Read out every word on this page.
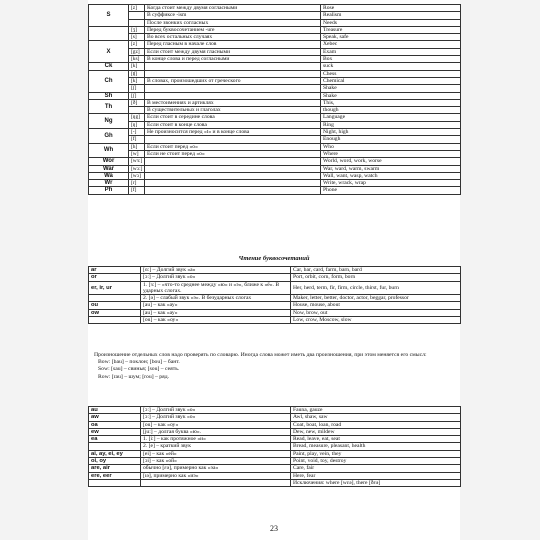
S	[z]	Когда стоит между двумя согласными	Rose
		В суффиксе -ism	Realism
		После звонких согласных	Needs
	[ʒ]	Перед буквосочетанием -ure	Treasure
	[s]	Во всех остальных случаях	Speak, safe
X	[z]	Перед гласным в начале слов	Xebec
	[gz]	Если стоит между двумя гласными	Exam
	[ks]	В конце слова и перед согласными	Box
Ck	[k]		suck
Ch	[ʧ]		Chess
	[k]	В словах, произошедших от греческого	Chemical
	[ʃ]		Shake
Sh	[ʃ]		Shake
Th	[ð]	В местоимениях и артиклях	This,
		В существительных и глаголах	though
Ng	[ŋg]	Если стоит в середине слова	Language
	[ŋ]	Если стоит в конце слова	Ring
Gh	[-]	Не произносится перед «t» и в конце слова	Night, high
	[f]		Enough
Wh	[h]	Если стоит перед «o»	Who
	[w]	Если не стоит перед «o»	Where
Wor	[wɜ:]		World, word, work, worse
War	[wɔ:]		War, ward, warm, swarm
Wa	[wɔ]		Wall, want, wasp, watch
Wr	[r]		Write, wrack, wrap
Ph	[f]		Phone
Чтение буквосочетаний
ar	[ɑ:] – Долгий звук «а»	Car, bar, card, farm, barn, bard
or	[ɔ:] – Долгий звук «о»	Port, orbit, corn, form, born
er, ir, ur	1. [ɜ:] – «что-то среднее между «ю» и «э», ближе к «ё». В ударных слогах.	Her, herd, term, fir, firm, circle, thirst, fur, burn
	2. [ə] – слабый звук «э». В безударных слогах	Maker, letter, better, doctor, actor, beggar, professor
ou	[au] – как «ау»	House, mouse, about
ow	[au] – как «ау»	Now, brow, out
	[ou] – как «оу»	Low, crow, Moscow, slow
Произношение отдельных слов надо проверять по словарю. Иногда слова может иметь два произношения, при этом меняется его смысл:
Bow: [bau] – поклон; [bou] – бант.
Sow: [sau] – свинья; [sou] – сеять.
Row: [rau] – шум; [rou] – ряд.
au	[ɔ:] – Долгий звук «о»	Fauna, gauze
aw	[ɔ:] – Долгий звук «о»	Awl, shaw, saw
oa	[ou] – как «оу»	Coat, boat, loan, road
ew	[ju:] – долгая буква «ю».	Dew, new, mildew
ea	1. [i:] – как протяжное «и»	Read, leave, eat, seat
	2. [e] – краткий звук	Bread, measure, pleasant, health
ai, ay, ei, ey	[ei] – как «ей»	Paint, play, vein, they
oi, oy	[ɔi] – как «ой»	Point, void, toy, destroy
are, air	обычно [ɛə], примерно как «эа»	Care, fair
ere, eer	[ɪə], примерно как «иэ»	Here, fear
		Исключения: where [wɛə], there [ðɛə]
23
